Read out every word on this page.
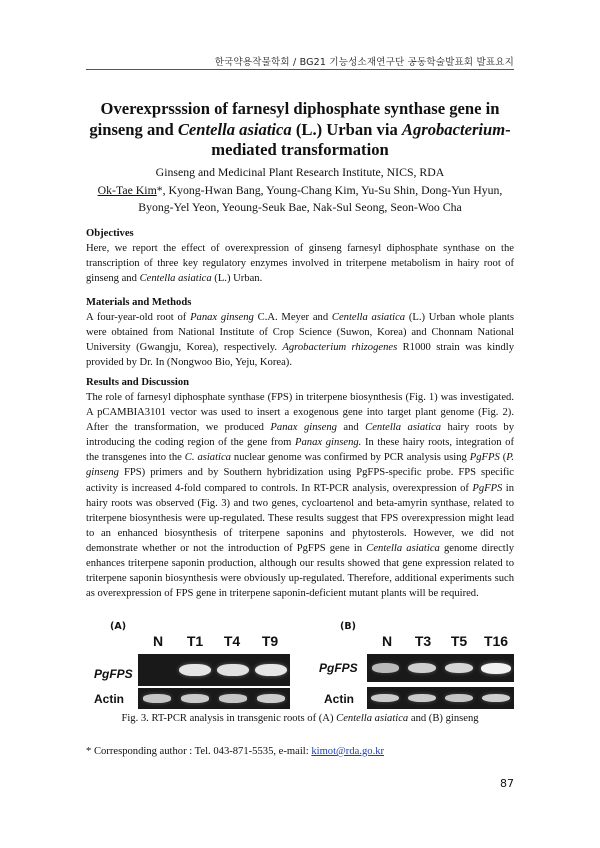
한국약용작물학회 / BG21 기능성소재연구단 공동학술발표회 발표요지
Overexprsssion of farnesyl diphosphate synthase gene in ginseng and Centella asiatica (L.) Urban via Agrobacterium-mediated transformation
Ginseng and Medicinal Plant Research Institute, NICS, RDA
Ok-Tae Kim*, Kyong-Hwan Bang, Young-Chang Kim, Yu-Su Shin, Dong-Yun Hyun, Byong-Yel Yeon, Yeoung-Seuk Bae, Nak-Sul Seong, Seon-Woo Cha
Objectives

Here, we report the effect of overexpression of ginseng farnesyl diphosphate synthase on the transcription of three key regulatory enzymes involved in triterpene metabolism in hairy root of ginseng and Centella asiatica (L.) Urban.

Materials and Methods

A four-year-old root of Panax ginseng C.A. Meyer and Centella asiatica (L.) Urban whole plants were obtained from National Institute of Crop Science (Suwon, Korea) and Chonnam National University (Gwangju, Korea), respectively. Agrobacterium rhizogenes R1000 strain was kindly provided by Dr. In (Nongwoo Bio, Yeju, Korea).

Results and Discussion

The role of farnesyl diphosphate synthase (FPS) in triterpene biosynthesis (Fig. 1) was investigated. A pCAMBIA3101 vector was used to insert a exogenous gene into target plant genome (Fig. 2). After the transformation, we produced Panax ginseng and Centella asiatica hairy roots by introducing the coding region of the gene from Panax ginseng. In these hairy roots, integration of the transgenes into the C. asiatica nuclear genome was confirmed by PCR analysis using PgFPS (P. ginseng FPS) primers and by Southern hybridization using PgFPS-specific probe. FPS specific activity is increased 4-fold compared to controls. In RT-PCR analysis, overexpression of PgFPS in hairy roots was observed (Fig. 3) and two genes, cycloartenol and beta-amyrin synthase, related to triterpene biosynthesis were up-regulated. These results suggest that FPS overexpression might lead to an enhanced biosynthesis of triterpene saponins and phytosterols. However, we did not demonstrate whether or not the introduction of PgFPS gene in Centella asiatica genome directly enhances triterpene saponin production, although our results showed that gene expression related to triterpene saponin biosynthesis were obviously up-regulated. Therefore, additional experiments such as overexpression of FPS gene in triterpene saponin-deficient mutant plants will be required.

(A)
N	T1	T4	T9
PgFPS
Actin
(B)
N	T3	T5	T16
PgFPS
Actin
Fig. 3. RT-PCR analysis in transgenic roots of (A) Centella asiatica and (B) ginseng
* Corresponding author : Tel. 043-871-5535, e-mail: kimot@rda.go.kr
87
